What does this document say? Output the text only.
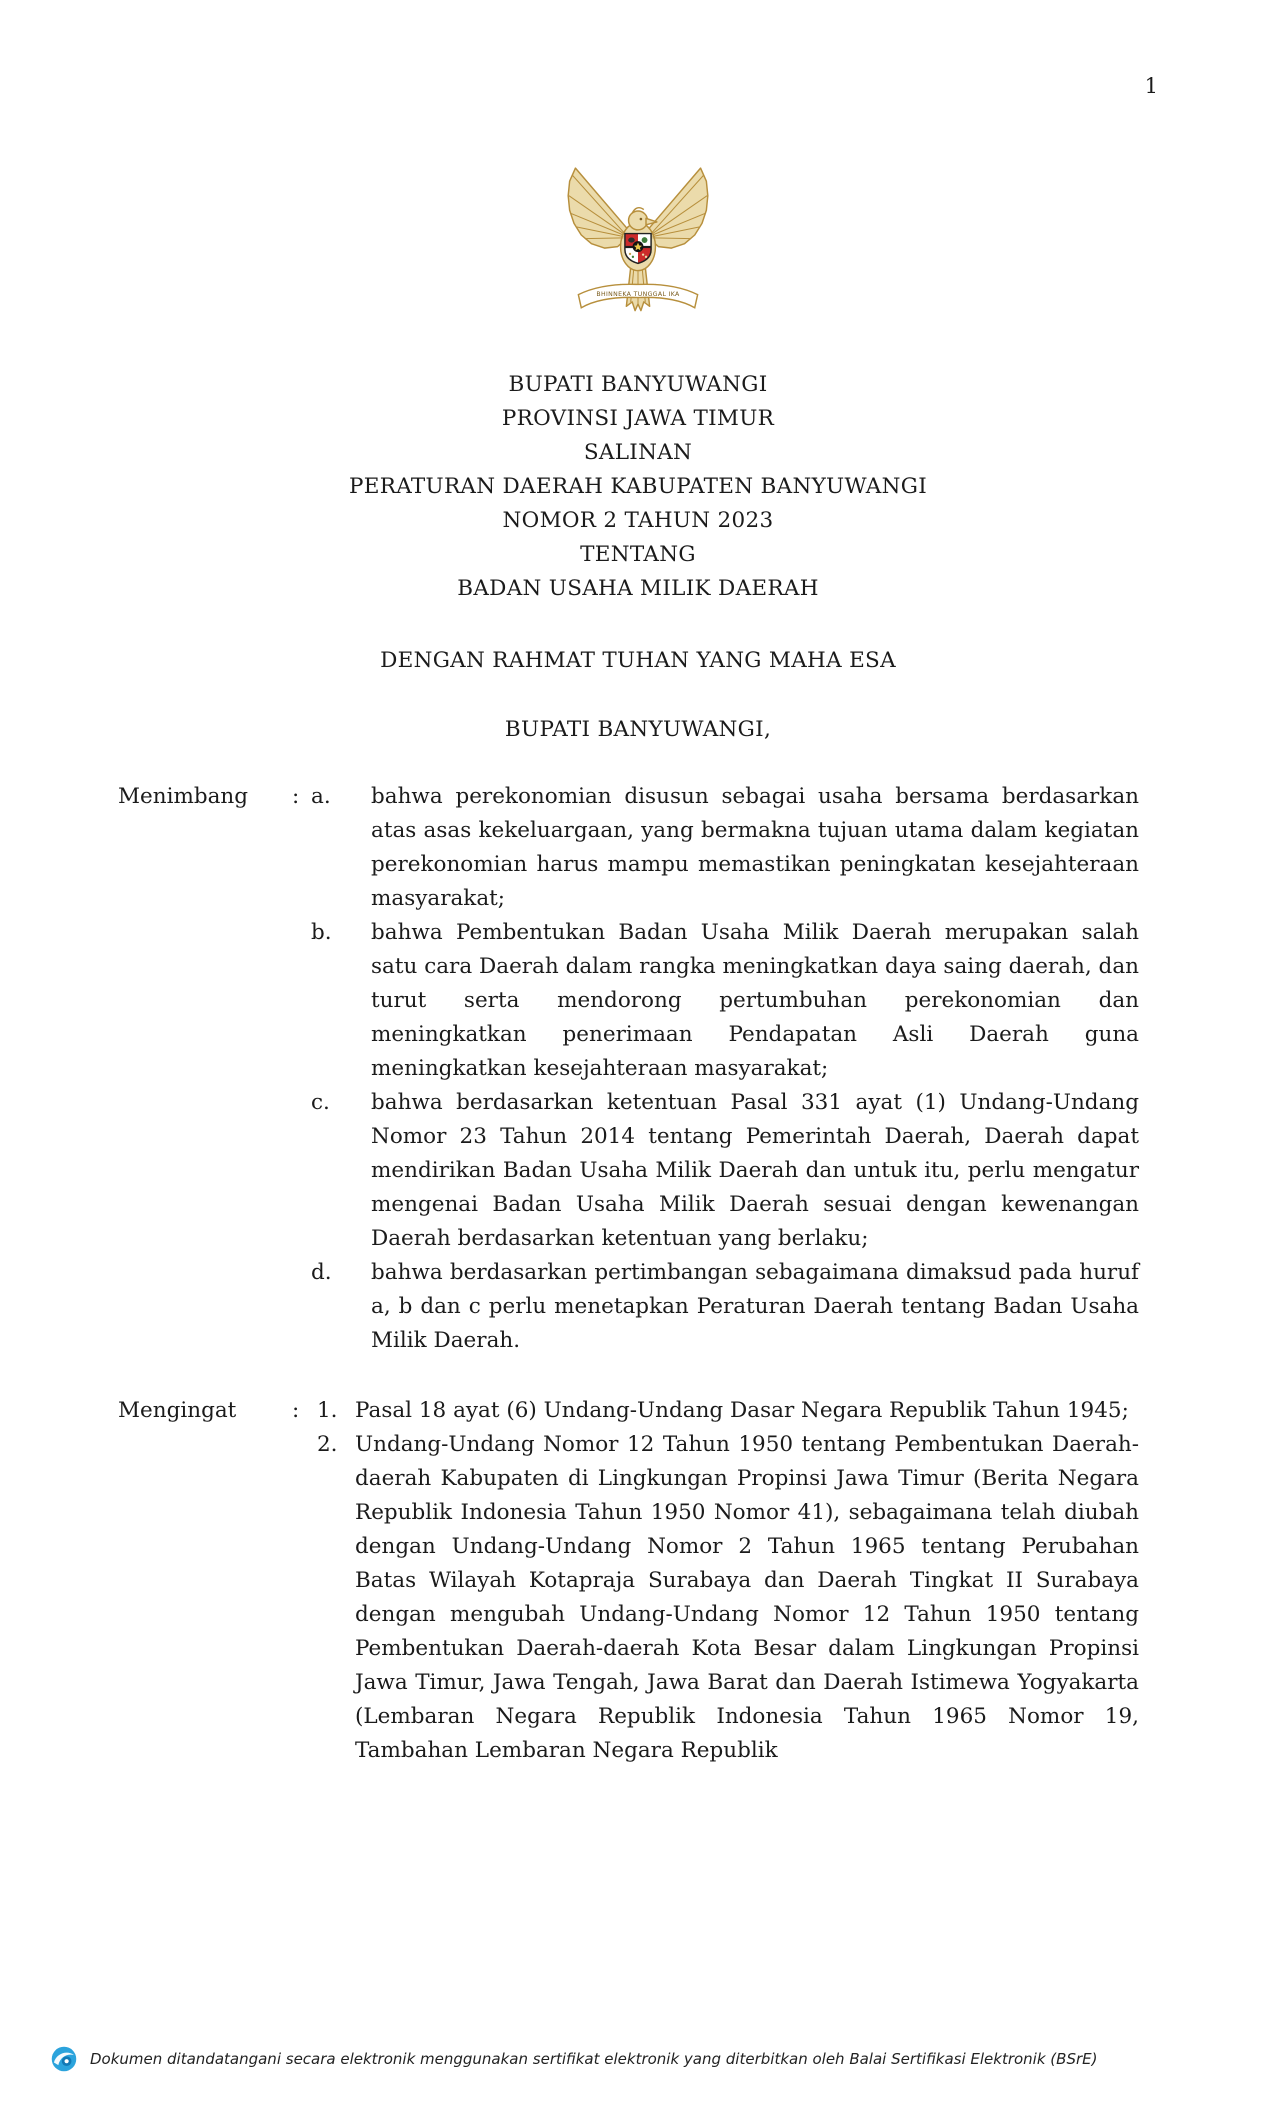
1
BHINNEKA TUNGGAL IKA
BUPATI BANYUWANGI
PROVINSI JAWA TIMUR
SALINAN
PERATURAN DAERAH KABUPATEN BANYUWANGI
NOMOR 2 TAHUN 2023
TENTANG
BADAN USAHA MILIK DAERAH
DENGAN RAHMAT TUHAN YANG MAHA ESA
BUPATI BANYUWANGI,
Menimbang	: a.	bahwa perekonomian disusun sebagai usaha bersama berdasarkan atas asas kekeluargaan, yang bermakna tujuan utama dalam kegiatan perekonomian harus mampu memastikan peningkatan kesejahteraan masyarakat;
b.	bahwa Pembentukan Badan Usaha Milik Daerah merupakan salah satu cara Daerah dalam rangka meningkatkan daya saing daerah, dan turut serta mendorong pertumbuhan perekonomian dan meningkatkan penerimaan Pendapatan Asli Daerah guna meningkatkan kesejahteraan masyarakat;
c.	bahwa berdasarkan ketentuan Pasal 331 ayat (1) Undang-Undang Nomor 23 Tahun 2014 tentang Pemerintah Daerah, Daerah dapat mendirikan Badan Usaha Milik Daerah dan untuk itu, perlu mengatur mengenai Badan Usaha Milik Daerah sesuai dengan kewenangan Daerah berdasarkan ketentuan yang berlaku;
d.	bahwa berdasarkan pertimbangan sebagaimana dimaksud pada huruf a, b dan c perlu menetapkan Peraturan Daerah tentang Badan Usaha Milik Daerah.
Mengingat	: 1. Pasal 18 ayat (6) Undang-Undang Dasar Negara Republik Tahun 1945;
2. Undang-Undang Nomor 12 Tahun 1950 tentang Pembentukan Daerah-daerah Kabupaten di Lingkungan Propinsi Jawa Timur (Berita Negara Republik Indonesia Tahun 1950 Nomor 41), sebagaimana telah diubah dengan Undang-Undang Nomor 2 Tahun 1965 tentang Perubahan Batas Wilayah Kotapraja Surabaya dan Daerah Tingkat II Surabaya dengan mengubah Undang-Undang Nomor 12 Tahun 1950 tentang Pembentukan Daerah-daerah Kota Besar dalam Lingkungan Propinsi Jawa Timur, Jawa Tengah, Jawa Barat dan Daerah Istimewa Yogyakarta (Lembaran Negara Republik Indonesia Tahun 1965 Nomor 19, Tambahan Lembaran Negara Republik
Dokumen ditandatangani secara elektronik menggunakan sertifikat elektronik yang diterbitkan oleh Balai Sertifikasi Elektronik (BSrE)
